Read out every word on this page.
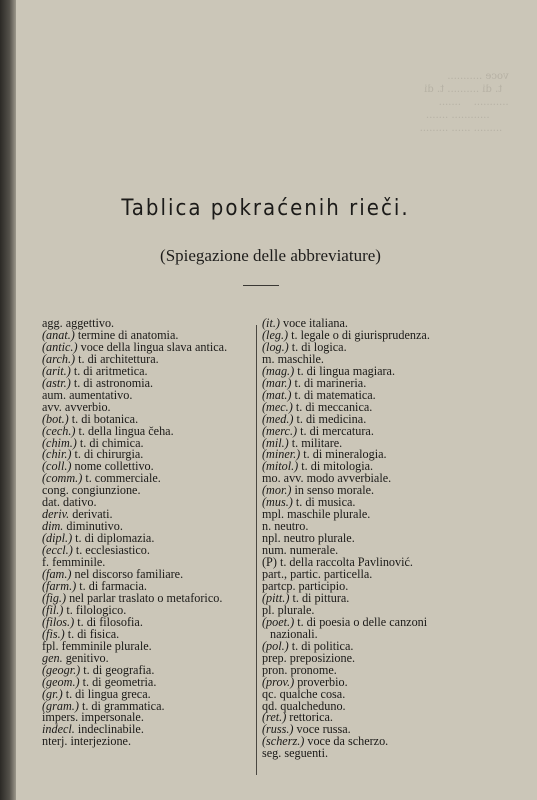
voce ...........
t. di .......... t. di
...........    .......
............ .......
......... ...... .........

Tablica pokraćenih rieči.
(Spiegazione delle abbreviature)
agg. aggettivo.
(anat.) termine di anatomia.
(antic.) voce della lingua slava antica.
(arch.) t. di architettura.
(arit.) t. di aritmetica.
(astr.) t. di astronomia.
aum. aumentativo.
avv. avverbio.
(bot.) t. di botanica.
(cech.) t. della lingua čeha.
(chim.) t. di chimica.
(chir.) t. di chirurgia.
(coll.) nome collettivo.
(comm.) t. commerciale.
cong. congiunzione.
dat. dativo.
deriv. derivati.
dim. diminutivo.
(dipl.) t. di diplomazia.
(eccl.) t. ecclesiastico.
f. femminile.
(fam.) nel discorso familiare.
(farm.) t. di farmacia.
(fig.) nel parlar traslato o metaforico.
(fil.) t. filologico.
(filos.) t. di filosofia.
(fis.) t. di fisica.
fpl. femminile plurale.
gen. genitivo.
(geogr.) t. di geografia.
(geom.) t. di geometria.
(gr.) t. di lingua greca.
(gram.) t. di grammatica.
impers. impersonale.
indecl. indeclinabile.
nterj. interjezione.
(it.) voce italiana.
(leg.) t. legale o di giurisprudenza.
(log.) t. di logica.
m. maschile.
(mag.) t. di lingua magiara.
(mar.) t. di marineria.
(mat.) t. di matematica.
(mec.) t. di meccanica.
(med.) t. di medicina.
(merc.) t. di mercatura.
(mil.) t. militare.
(miner.) t. di mineralogia.
(mitol.) t. di mitologia.
mo. avv. modo avverbiale.
(mor.) in senso morale.
(mus.) t. di musica.
mpl. maschile plurale.
n. neutro.
npl. neutro plurale.
num. numerale.
(P) t. della raccolta Pavlinović.
part., partic. particella.
partcp. participio.
(pitt.) t. di pittura.
pl. plurale.
(poet.) t. di poesia o delle canzoni nazionali.
(pol.) t. di politica.
prep. preposizione.
pron. pronome.
(prov.) proverbio.
qc. qualche cosa.
qd. qualcheduno.
(ret.) rettorica.
(russ.) voce russa.
(scherz.) voce da scherzo.
seg. seguenti.
